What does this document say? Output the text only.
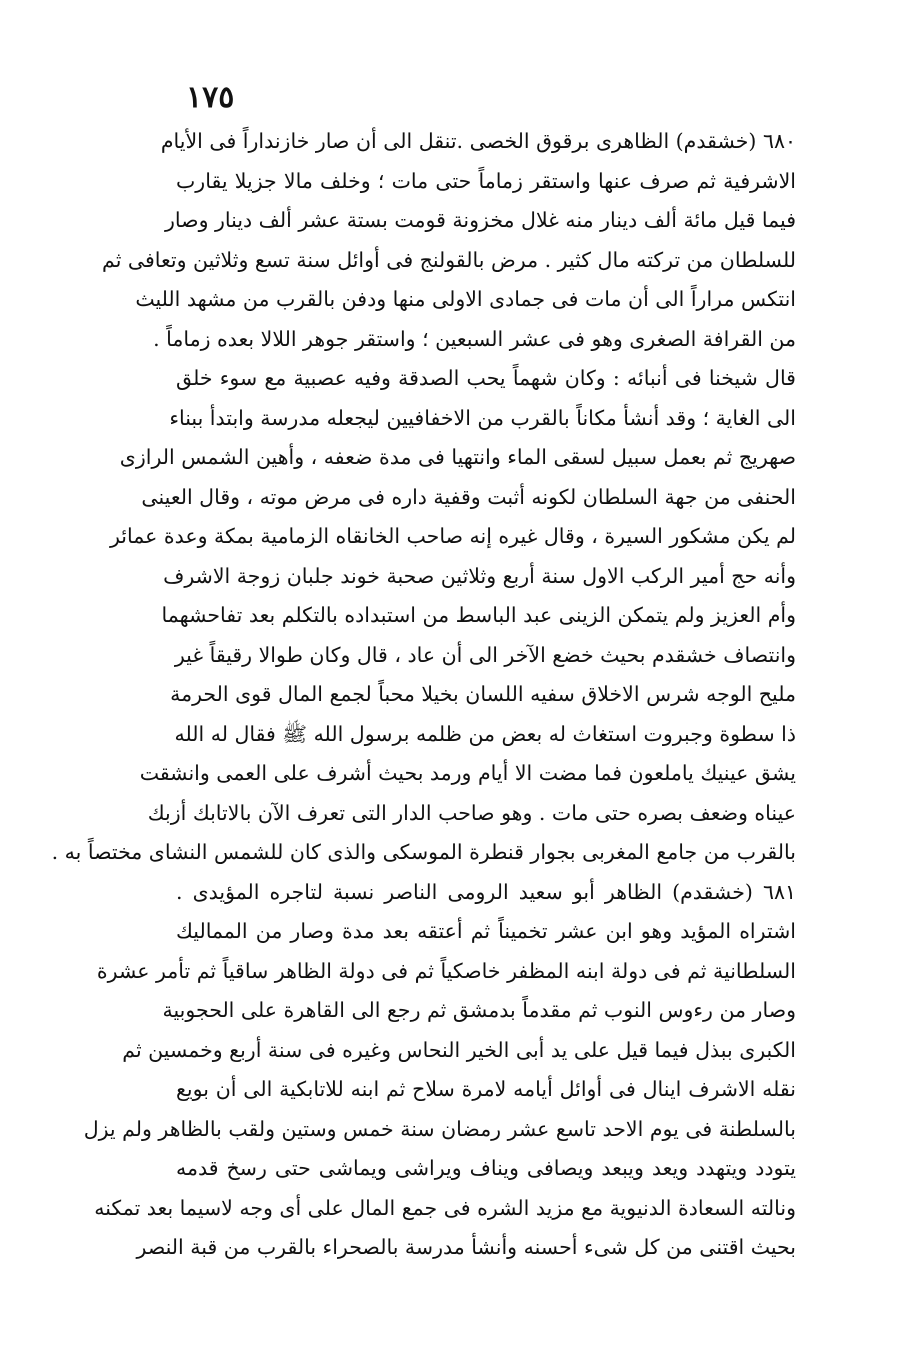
١٧٥
٦٨٠ (خشقدم) الظاهرى برقوق الخصى .تنقل الى أن صار خازنداراً فى الأيام
الاشرفية ثم صرف عنها واستقر زماماً حتى مات ؛ وخلف مالا جزيلا يقارب
فيما قيل مائة ألف دينار منه غلال مخزونة قومت بستة عشر ألف دينار وصار
للسلطان من تركته مال كثير . مرض بالقولنج فى أوائل سنة تسع وثلاثين وتعافى ثم
انتكس مراراً الى أن مات فى جمادى الاولى منها ودفن بالقرب من مشهد الليث
من القرافة الصغرى وهو فى عشر السبعين ؛ واستقر جوهر اللالا بعده زماماً .
قال شيخنا فى أنبائه : وكان شهماً يحب الصدقة وفيه عصبية مع سوء خلق
الى الغاية ؛ وقد أنشأ مكاناً بالقرب من الاخفافيين ليجعله مدرسة وابتدأ ببناء
صهريج ثم بعمل سبيل لسقى الماء وانتهيا فى مدة ضعفه ، وأهين الشمس الرازى
الحنفى من جهة السلطان لكونه أثبت وقفية داره فى مرض موته ، وقال العينى
لم يكن مشكور السيرة ، وقال غيره إنه صاحب الخانقاه الزمامية بمكة وعدة عمائر
وأنه حج أمير الركب الاول سنة أربع وثلاثين صحبة خوند جلبان زوجة الاشرف
وأم العزيز ولم يتمكن الزينى عبد الباسط من استبداده بالتكلم بعد تفاحشهما
وانتصاف خشقدم بحيث خضع الآخر الى أن عاد ، قال وكان طوالا رقيقاً غير
مليح الوجه شرس الاخلاق سفيه اللسان بخيلا محباً لجمع المال قوى الحرمة
ذا سطوة وجبروت استغاث له بعض من ظلمه برسول الله ﷺ فقال له الله
يشق عينيك ياملعون فما مضت الا أيام ورمد بحيث أشرف على العمى وانشقت
عيناه وضعف بصره حتى مات . وهو صاحب الدار التى تعرف الآن بالاتابك أزبك
بالقرب من جامع المغربى بجوار قنطرة الموسكى والذى كان للشمس النشاى مختصاً به .
٦٨١ (خشقدم) الظاهر أبو سعيد الرومى الناصر نسبة لتاجره المؤيدى .
اشتراه المؤيد وهو ابن عشر تخميناً ثم أعتقه بعد مدة وصار من المماليك
السلطانية ثم فى دولة ابنه المظفر خاصكياً ثم فى دولة الظاهر ساقياً ثم تأمر عشرة
وصار من رءوس النوب ثم مقدماً بدمشق ثم رجع الى القاهرة على الحجوبية
الكبرى ببذل فيما قيل على يد أبى الخير النحاس وغيره فى سنة أربع وخمسين ثم
نقله الاشرف اينال فى أوائل أيامه لامرة سلاح ثم ابنه للاتابكية الى أن بويع
بالسلطنة فى يوم الاحد تاسع عشر رمضان سنة خمس وستين ولقب بالظاهر ولم يزل
يتودد ويتهدد ويعد ويبعد ويصافى ويناف ويراشى ويماشى حتى رسخ قدمه
ونالته السعادة الدنيوية مع مزيد الشره فى جمع المال على أى وجه لاسيما بعد تمكنه
بحيث اقتنى من كل شىء أحسنه وأنشأ مدرسة بالصحراء بالقرب من قبة النصر
